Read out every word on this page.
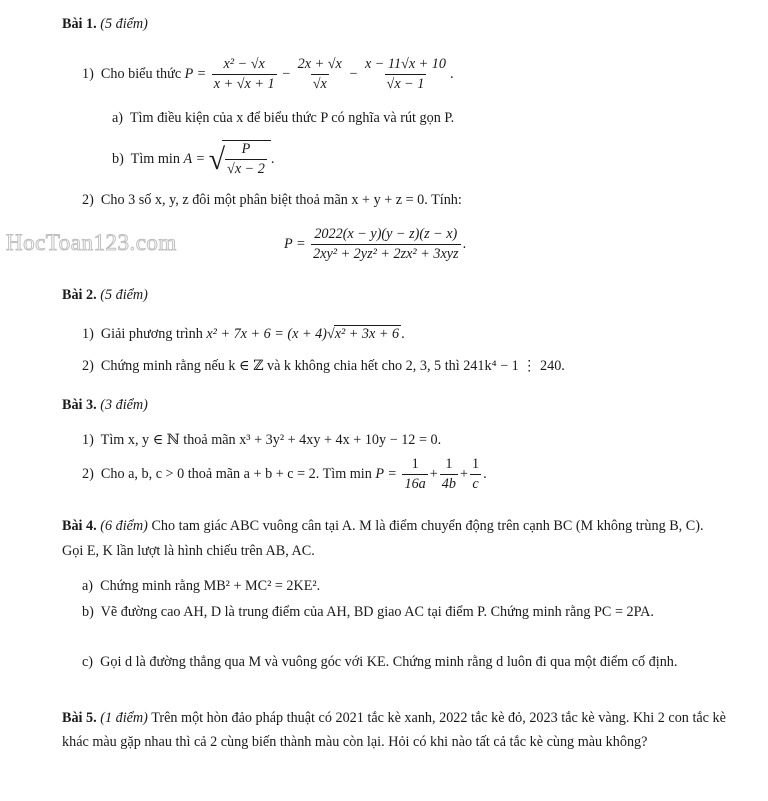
HocToan123.com
Bài 1. (5 điểm)
1) Cho biểu thức $P = \frac{\text{x² − √x}}{x + √x + 1} - \frac{2x + √x}{√x} - \frac{x - 11√x + 10}{√x - 1}$ .
a) Tìm điều kiện của x để biểu thức P có nghĩa và rút gọn P.
b) Tìm min A = √ $\frac{P}{√x - 2}$ .
2) Cho 3 số x, y, z đôi một phân biệt thoả mãn x + y + z = 0. Tính:
$P = \frac{2022(x - y)(y - z)(z - x)}{\text{2xy² + 2yz² + 2zx² + 3xyz}}$ .
Bài 2. (5 điểm)
1) Giải phương trình x² + 7x + 6 = (x + 4)√x² + 3x + 6 .
2) Chứng minh rằng nếu k ∈ ℤ và k không chia hết cho 2, 3, 5 thì 241k⁴ − 1 ⋮ 240.
Bài 3. (3 điểm)
1) Tìm x, y ∈ ℕ thoả mãn x³ + 3y² + 4xy + 4x + 10y − 12 = 0.
2) Cho a, b, c > 0 thoả mãn a + b + c = 2. Tìm $\min P = \frac{1}{16a} + \frac{1}{4b} + \frac{1}{c}$ .
Bài 4. (6 điểm) Cho tam giác ABC vuông cân tại A. M là điểm chuyển động trên cạnh BC (M không trùng B, C). Gọi E, K lần lượt là hình chiếu trên AB, AC.
a) Chứng minh rằng MB² + MC² = 2KE².
b) Vẽ đường cao AH, D là trung điểm của AH, BD giao AC tại điểm P. Chứng minh rằng PC = 2PA.
c) Gọi d là đường thẳng qua M và vuông góc với KE. Chứng minh rằng d luôn đi qua một điểm cố định.
Bài 5. (1 điểm) Trên một hòn đảo pháp thuật có 2021 tắc kè xanh, 2022 tắc kè đỏ, 2023 tắc kè vàng. Khi 2 con tắc kè khác màu gặp nhau thì cả 2 cùng biến thành màu còn lại. Hỏi có khi nào tất cả tắc kè cùng màu không?
